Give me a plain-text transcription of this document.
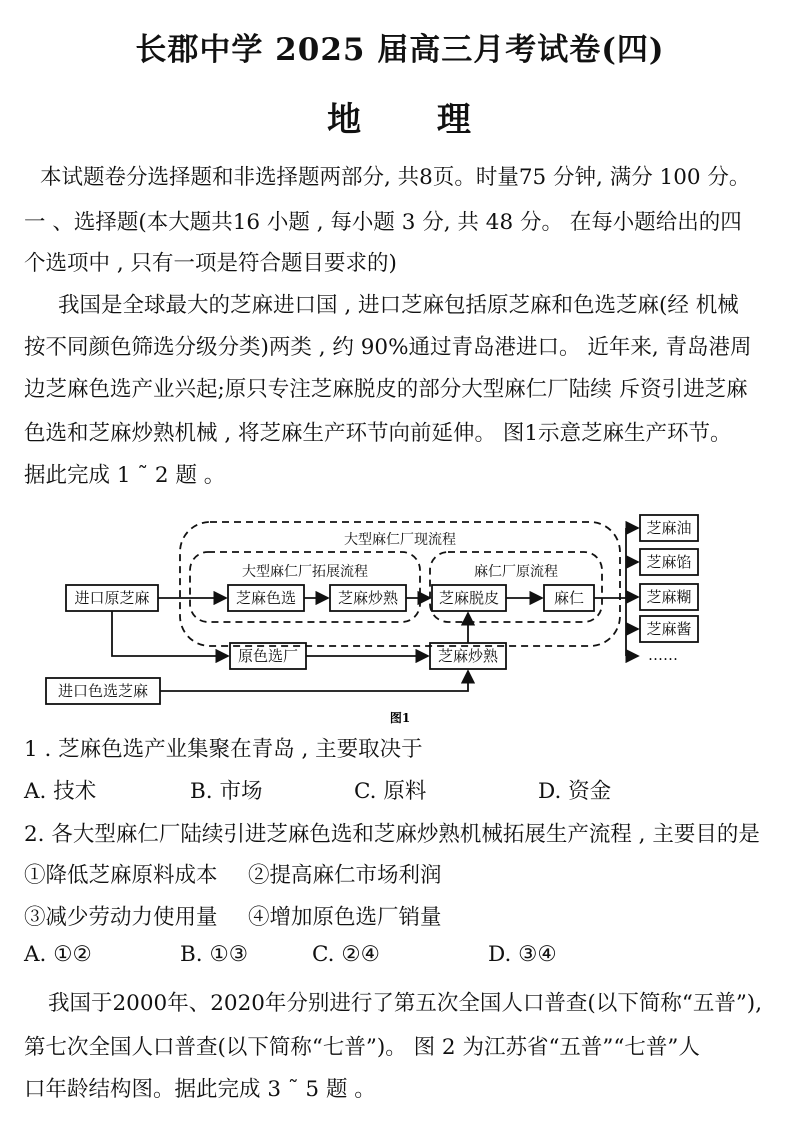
长郡中学 2025 届高三月考试卷(四)
地 理
本试题卷分选择题和非选择题两部分, 共8页。时量75 分钟, 满分 100 分。
一 、选择题(本大题共16 小题 , 每小题 3 分, 共 48 分。 在每小题给出的四
个选项中 , 只有一项是符合题目要求的)
我国是全球最大的芝麻进口国 , 进口芝麻包括原芝麻和色选芝麻(经 机械
按不同颜色筛选分级分类)两类 , 约 90%通过青岛港进口。 近年来, 青岛港周
边芝麻色选产业兴起;原只专注芝麻脱皮的部分大型麻仁厂陆续 斥资引进芝麻
色选和芝麻炒熟机械 , 将芝麻生产环节向前延伸。 图1示意芝麻生产环节。
据此完成 1 ˜ 2 题 。
大型麻仁厂现流程
大型麻仁厂拓展流程	麻仁厂原流程
进口原芝麻	芝麻色选	芝麻炒熟	芝麻脱皮	麻仁
原色选厂	芝麻炒熟
进口色选芝麻
芝麻油
芝麻馅
芝麻糊
芝麻酱
……
图1
1 . 芝麻色选产业集聚在青岛 , 主要取决于
A. 技术	B. 市场	C. 原料	D. 资金
2. 各大型麻仁厂陆续引进芝麻色选和芝麻炒熟机械拓展生产流程 , 主要目的是
①降低芝麻原料成本 ②提高麻仁市场利润
③减少劳动力使用量 ④增加原色选厂销量
A. ①②	B. ①③	C. ②④	D. ③④
我国于2000年、2020年分别进行了第五次全国人口普查(以下简称“五普”),
第七次全国人口普查(以下简称“七普”)。 图 2 为江苏省“五普”“七普”人
口年龄结构图。据此完成 3 ˜ 5 题 。
